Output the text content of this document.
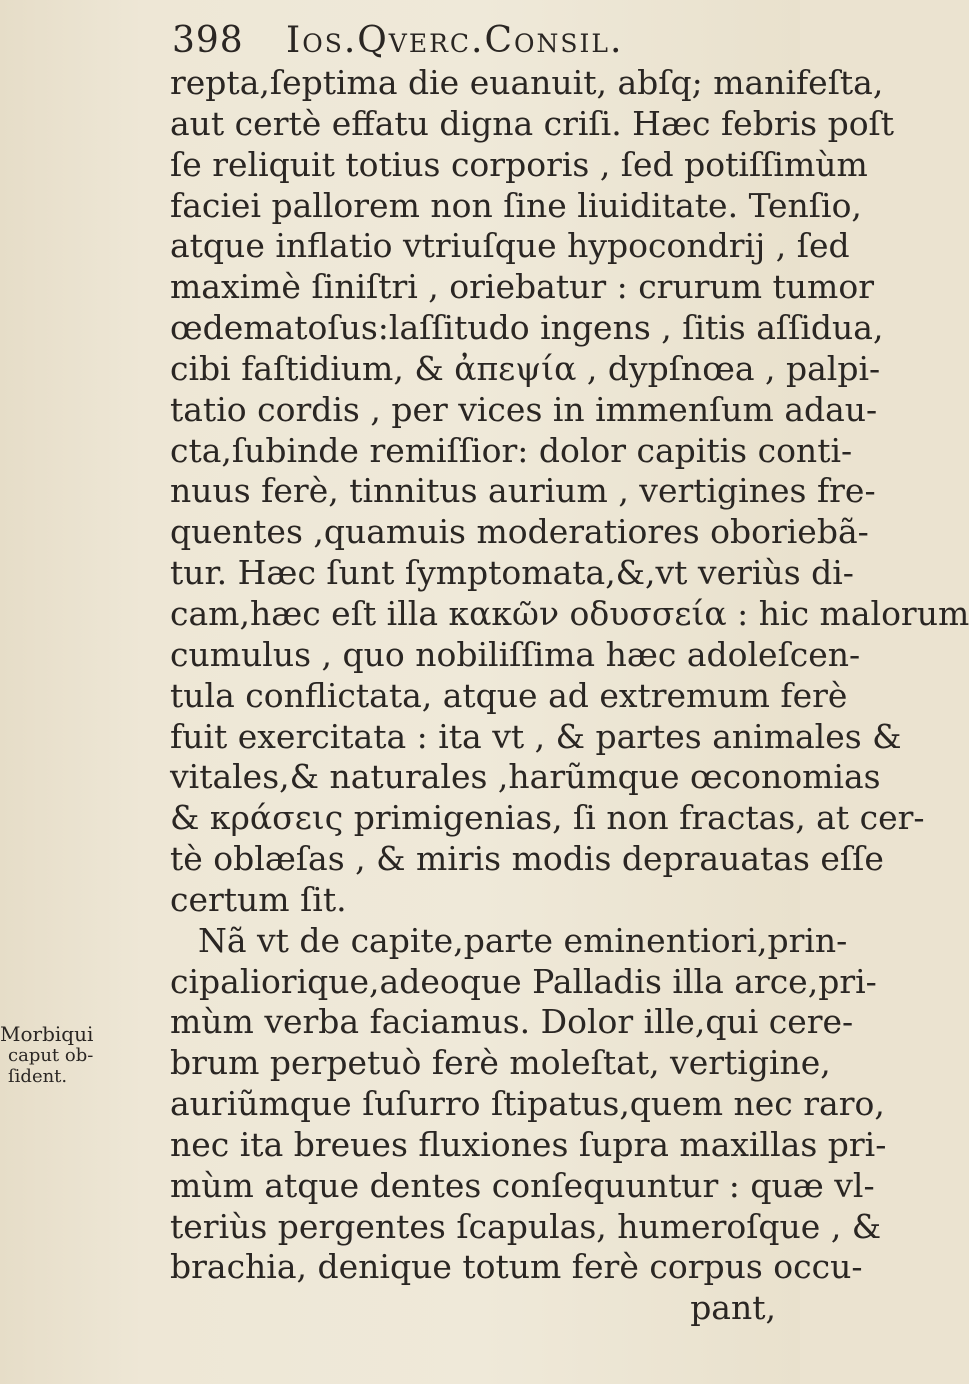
398 Ios.Qverc.Consil.
repta,ſeptima die euanuit, abſq; manifeſta,
aut certè effatu digna criſi. Hæc febris poſt
ſe reliquit totius corporis , ſed potiſſimùm
faciei pallorem non ſine liuiditate. Tenſio,
atque inflatio vtriuſque hypocondrij , ſed
maximè ſiniſtri , oriebatur : crurum tumor
œdematoſus:laſſitudo ingens , ſitis aſſidua,
cibi faſtidium, & ἀπεψία , dypſnœa , palpi-
tatio cordis , per vices in immenſum adau-
cta,ſubinde remiſſior: dolor capitis conti-
nuus ferè, tinnitus aurium , vertigines fre-
quentes ,quamuis moderatiores oboriebã-
tur. Hæc ſunt ſymptomata,&,vt veriùs di-
cam,hæc eſt illa κακῶν οδυσσεία : hic malorum
cumulus , quo nobiliſſima hæc adoleſcen-
tula conflictata, atque ad extremum ferè
fuit exercitata : ita vt , & partes animales &
vitales,& naturales ,harũmque œconomias
& κράσεις primigenias, ſi non fractas, at cer-
tè oblæſas , & miris modis deprauatas eſſe
certum ſit.
Nã vt de capite,parte eminentiori,prin-
cipaliorique,adeoque Palladis illa arce,pri-
mùm verba faciamus. Dolor ille,qui cere-
brum perpetuò ferè moleſtat, vertigine,
auriũmque ſuſurro ſtipatus,quem nec raro,
nec ita breues fluxiones ſupra maxillas pri-
mùm atque dentes conſequuntur : quæ vl-
teriùs pergentes ſcapulas, humeroſque , &
brachia, denique totum ferè corpus occu-
pant,
Morbiqui
caput ob-
ſident.
